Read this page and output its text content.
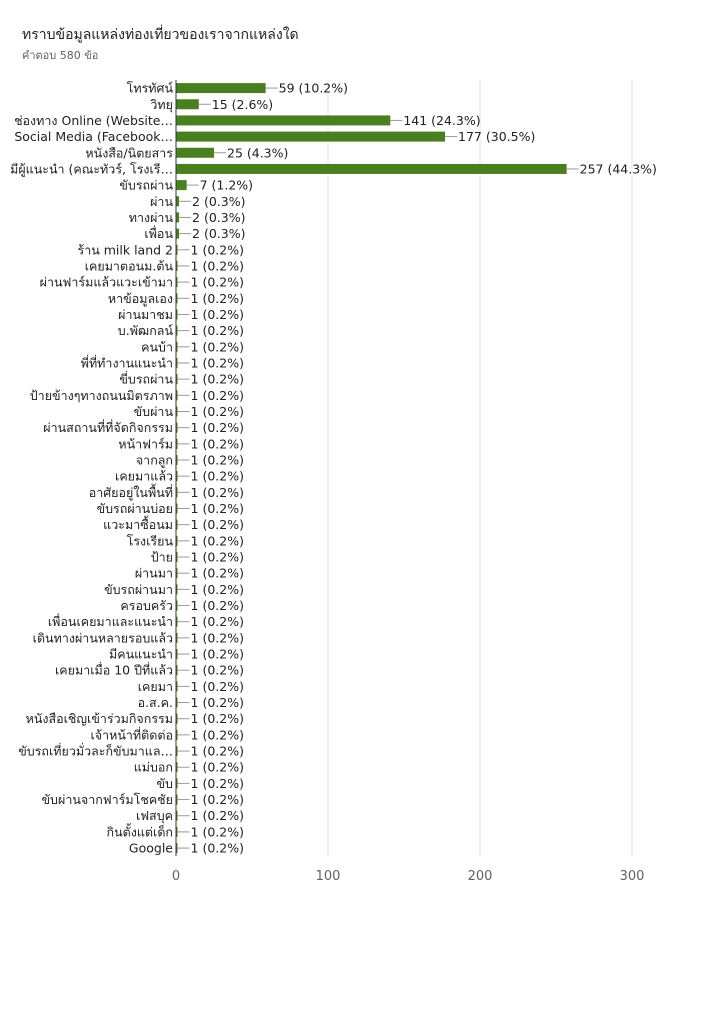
ทราบข้อมูลแหล่งท่องเที่ยวของเราจากแหล่งใด
คำตอบ 580 ข้อ
โทรทัศน์
วิทยุ
ช่องทาง Online (Website…
Social Media (Facebook…
หนังสือ/นิตยสาร
มีผู้แนะนำ (คณะทัวร์, โรงเรี…
ขับรถผ่าน
ผ่าน
ทางผ่าน
เพื่อน
ร้าน milk land 2
เคยมาตอนม.ต้น
ผ่านฟาร์มแล้วแวะเข้ามา
หาข้อมูลเอง
ผ่านมาชม
บ.พัฒกลน์
คนบ้า
พี่ที่ทำงานแนะนำ
ขี่บรถผ่าน
ป้ายข้างๆทางถนนมิตรภาพ
ขับผ่าน
ผ่านสถานที่ที่จัดกิจกรรม
หน้าฟาร์ม
จากลูก
เคยมาแล้ว
อาศัยอยู่ในพื้นที่
ขับรถผ่านบ่อย
แวะมาซื้อนม
โรงเรียน
ป้าย
ผ่านมา
ขับรถผ่านมา
ครอบครัว
เพื่อนเคยมาและแนะนำ
เดินทางผ่านหลายรอบแล้ว
มีคนแนะนำ
เคยมาเมื่อ 10 ปีที่แล้ว
เคยมา
อ.ส.ค.
หนังสือเชิญเข้าร่วมกิจกรรม
เจ้าหน้าที่ติดต่อ
ขับรถเที่ยวมั่วละก็ขับมาแล…
แม่บอก
ขับ
ขับผ่านจากฟาร์มโชคชัย
เฟสบุค
กินตั้งแต่เด็ก
Google
59 (10.2%)
15 (2.6%)
141 (24.3%)
177 (30.5%)
25 (4.3%)
257 (44.3%)
7 (1.2%)
2 (0.3%)
2 (0.3%)
2 (0.3%)
1 (0.2%)
1 (0.2%)
1 (0.2%)
1 (0.2%)
1 (0.2%)
1 (0.2%)
1 (0.2%)
1 (0.2%)
1 (0.2%)
1 (0.2%)
1 (0.2%)
1 (0.2%)
1 (0.2%)
1 (0.2%)
1 (0.2%)
1 (0.2%)
1 (0.2%)
1 (0.2%)
1 (0.2%)
1 (0.2%)
1 (0.2%)
1 (0.2%)
1 (0.2%)
1 (0.2%)
1 (0.2%)
1 (0.2%)
1 (0.2%)
1 (0.2%)
1 (0.2%)
1 (0.2%)
1 (0.2%)
1 (0.2%)
1 (0.2%)
1 (0.2%)
1 (0.2%)
1 (0.2%)
1 (0.2%)
1 (0.2%)
0	100	200	300
